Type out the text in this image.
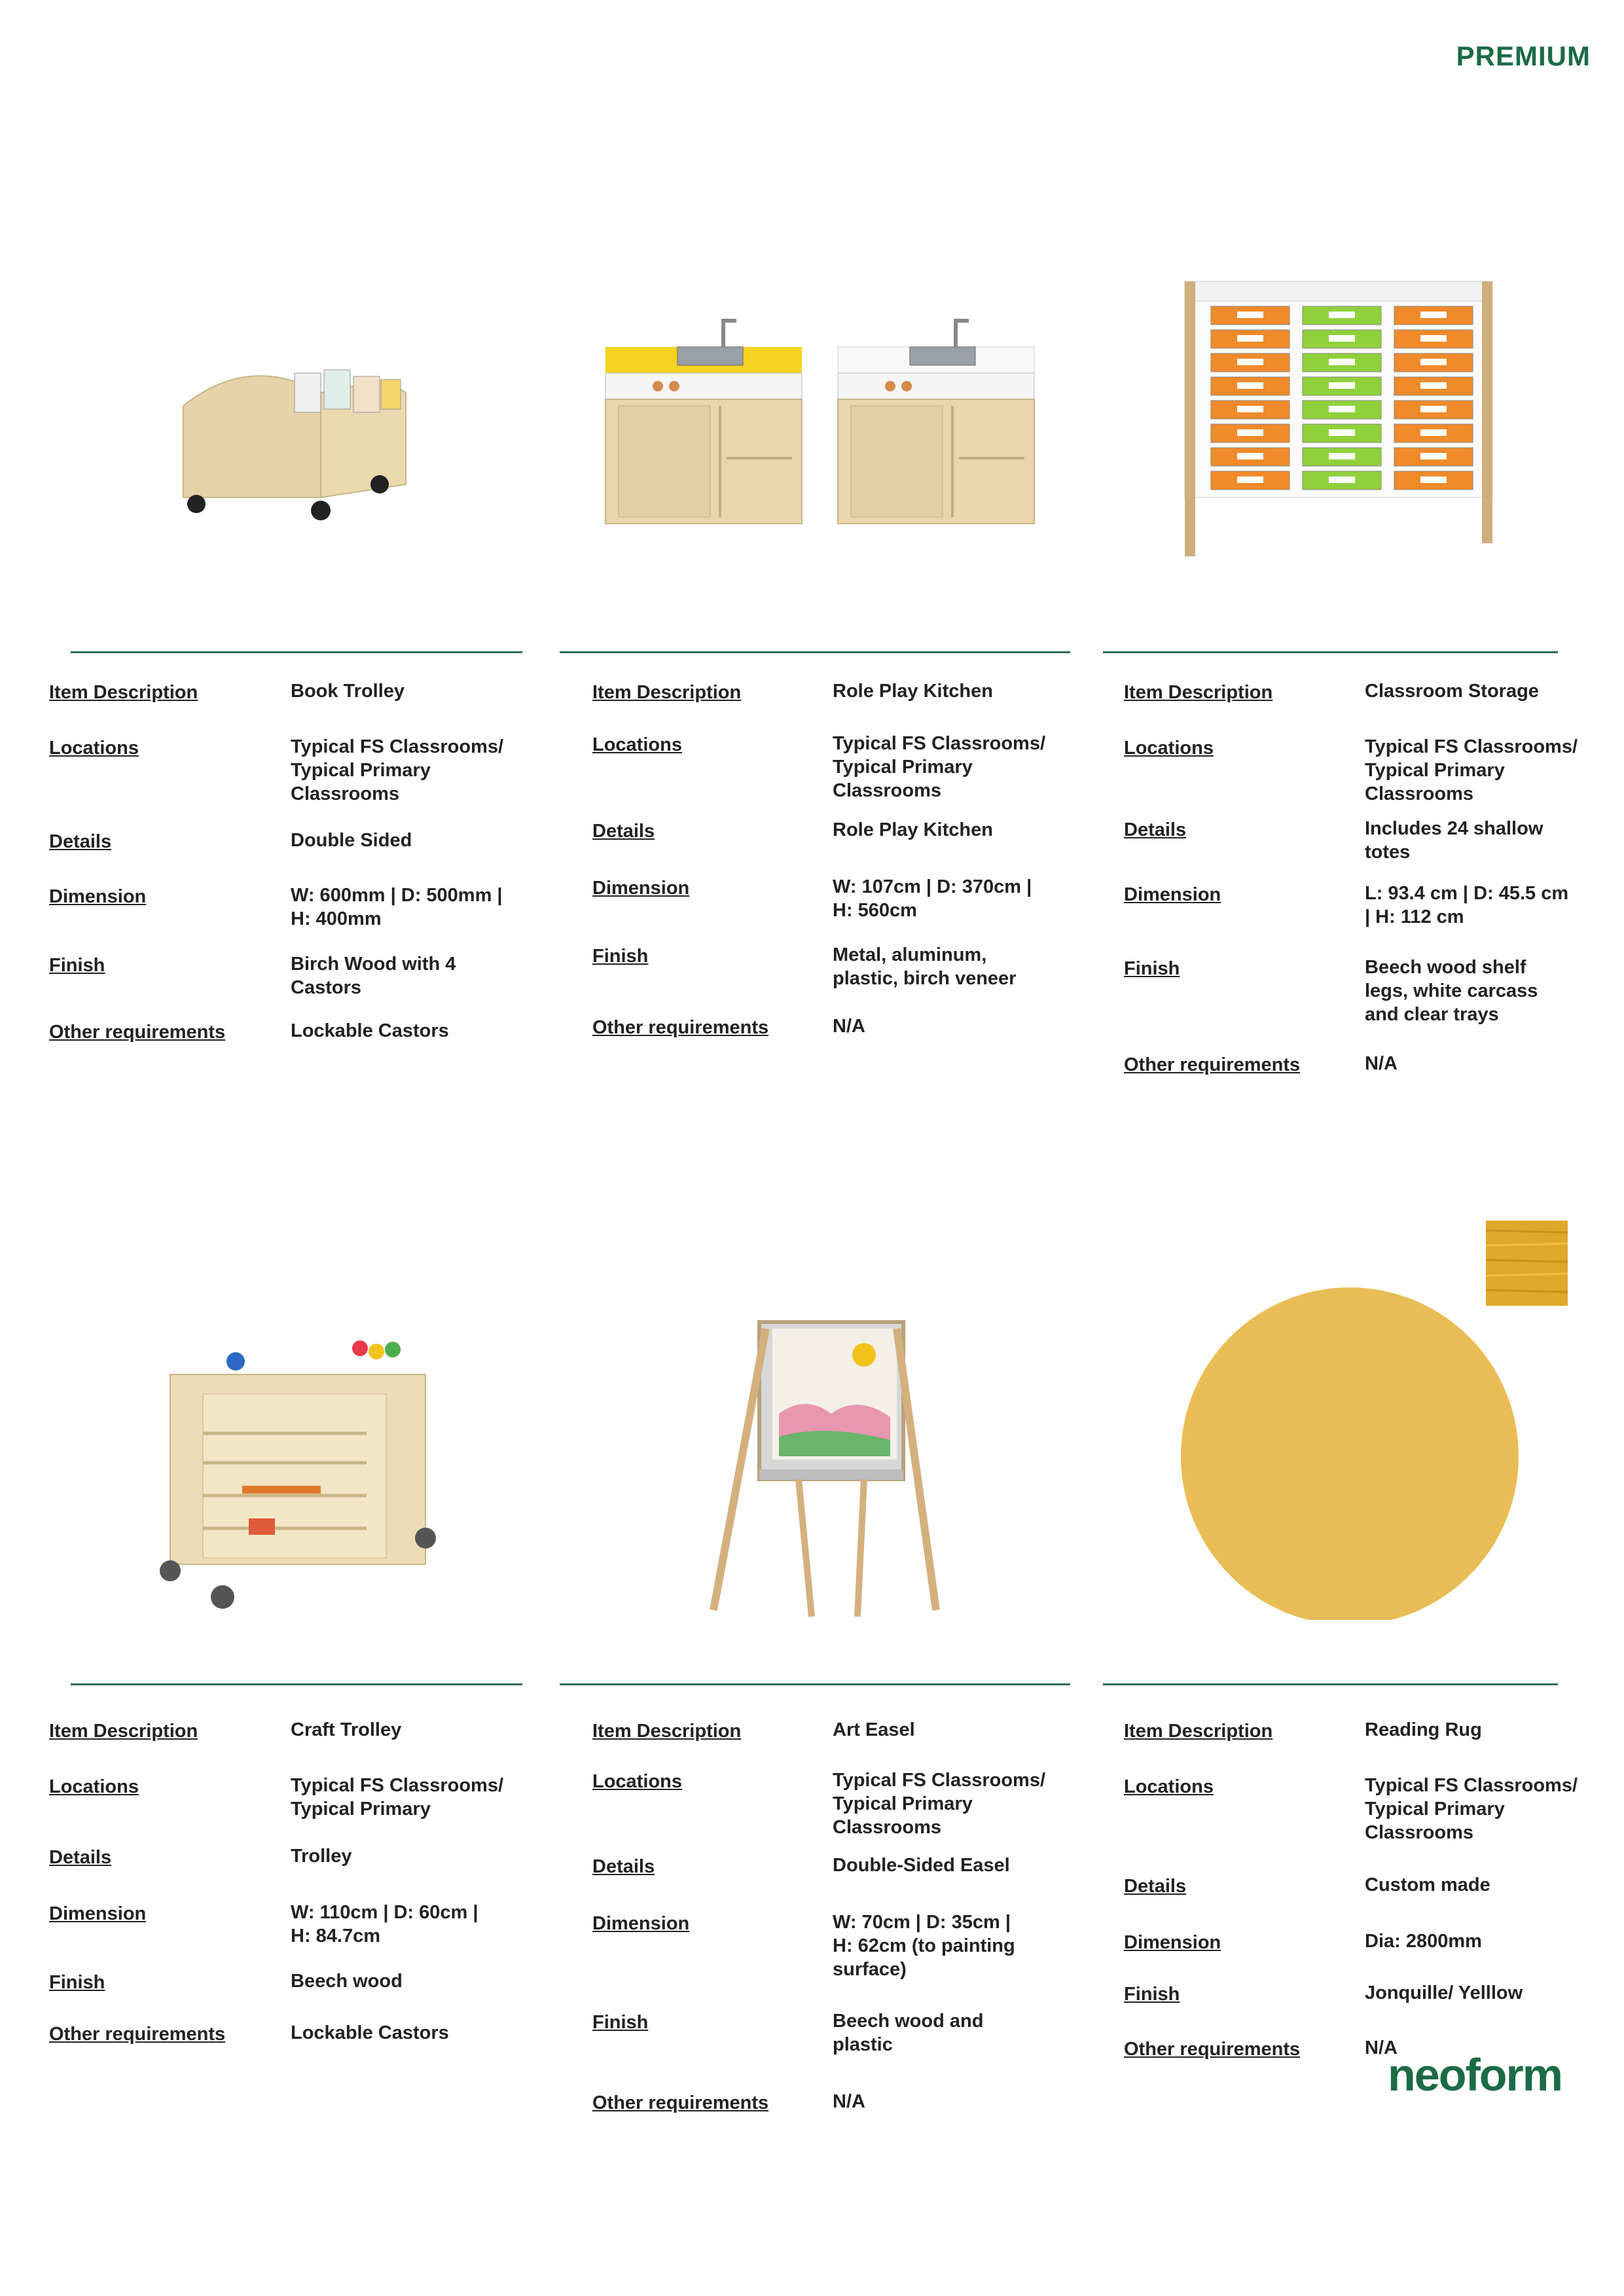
PREMIUM
Item Description	Book Trolley
Locations	Typical FS Classrooms/
Typical Primary
Classrooms
Details	Double Sided
Dimension	W: 600mm | D: 500mm |
H: 400mm
Finish	Birch Wood with 4
Castors
Other requirements	Lockable Castors
Item Description	Role Play Kitchen
Locations	Typical FS Classrooms/
Typical Primary
Classrooms
Details	Role Play Kitchen
Dimension	W: 107cm | D: 370cm |
H: 560cm
Finish	Metal, aluminum,
plastic, birch veneer
Other requirements	N/A
Item Description	Classroom Storage
Locations	Typical FS Classrooms/
Typical Primary
Classrooms
Details	Includes 24 shallow
totes
Dimension	L: 93.4 cm | D: 45.5 cm
| H: 112 cm
Finish	Beech wood shelf
legs, white carcass
and clear trays
Other requirements	N/A
Item Description	Craft Trolley
Locations	Typical FS Classrooms/
Typical Primary
Details	Trolley
Dimension	W: 110cm | D: 60cm |
H: 84.7cm
Finish	Beech wood
Other requirements	Lockable Castors
Item Description	Art Easel
Locations	Typical FS Classrooms/
Typical Primary
Classrooms
Details	Double-Sided Easel
Dimension	W: 70cm | D: 35cm |
H: 62cm (to painting
surface)
Finish	Beech wood and
plastic
Other requirements	N/A
Item Description	Reading Rug
Locations	Typical FS Classrooms/
Typical Primary
Classrooms
Details	Custom made
Dimension	Dia: 2800mm
Finish	Jonquille/ Yelllow
Other requirements	N/A
neoform
